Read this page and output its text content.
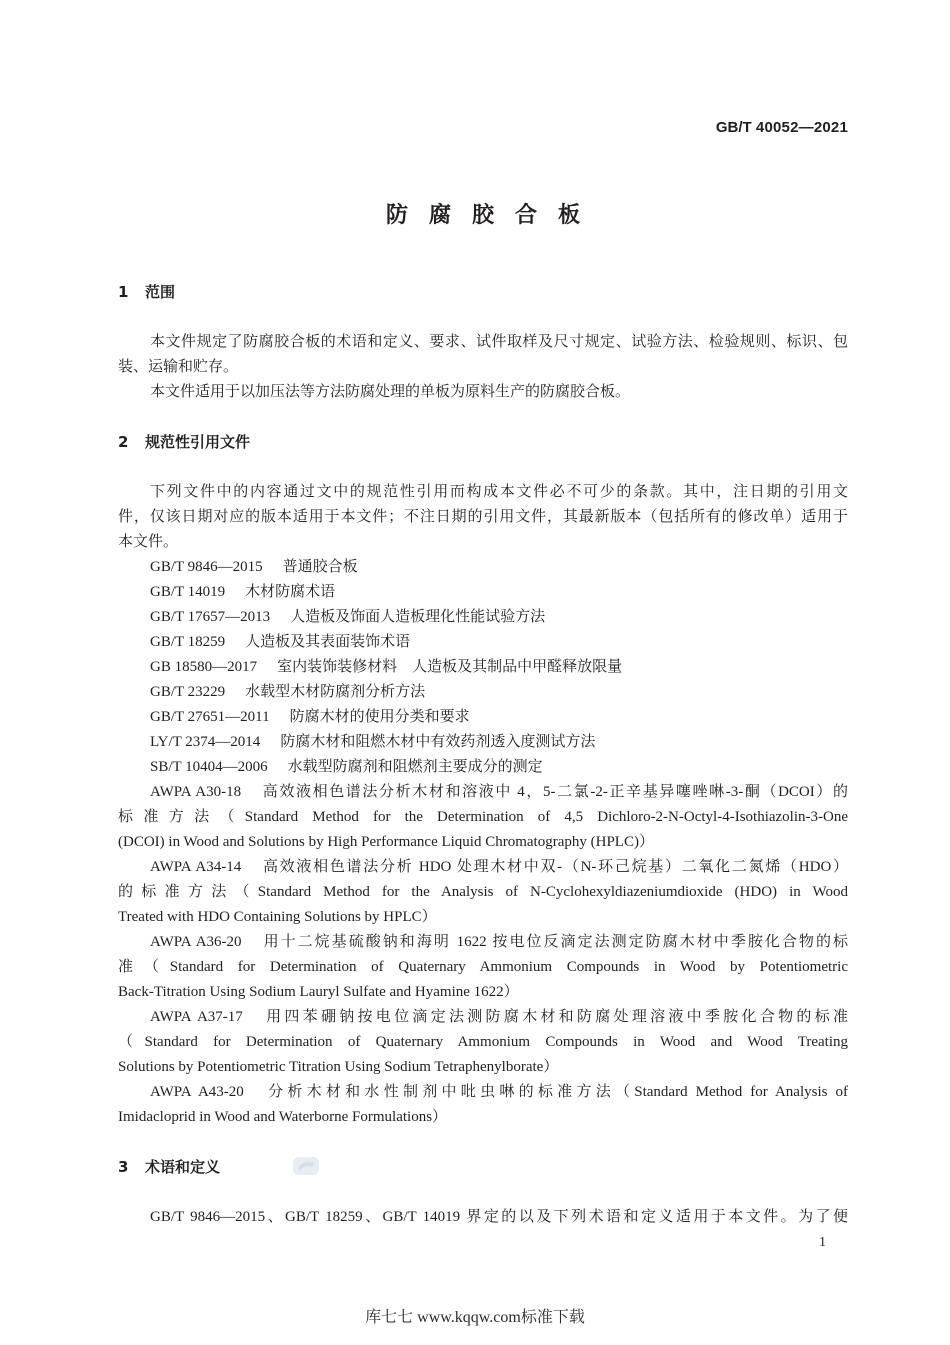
GB/T 40052—2021
防腐胶合板
1 范围
本文件规定了防腐胶合板的术语和定义、要求、试件取样及尺寸规定、试验方法、检验规则、标识、包
装、运输和贮存。
本文件适用于以加压法等方法防腐处理的单板为原料生产的防腐胶合板。
2 规范性引用文件
下列文件中的内容通过文中的规范性引用而构成本文件必不可少的条款。其中，注日期的引用文
件，仅该日期对应的版本适用于本文件；不注日期的引用文件，其最新版本（包括所有的修改单）适用于
本文件。
GB/T 9846—2015 普通胶合板
GB/T 14019 木材防腐术语
GB/T 17657—2013 人造板及饰面人造板理化性能试验方法
GB/T 18259 人造板及其表面装饰术语
GB 18580—2017 室内装饰装修材料　人造板及其制品中甲醛释放限量
GB/T 23229 水载型木材防腐剂分析方法
GB/T 27651—2011 防腐木材的使用分类和要求
LY/T 2374—2014 防腐木材和阻燃木材中有效药剂透入度测试方法
SB/T 10404—2006 水载型防腐剂和阻燃剂主要成分的测定
AWPA A30-18 高效液相色谱法分析木材和溶液中 4，5-二氯-2-正辛基异噻唑啉-3-酮（DCOI）的
标准方法（Standard Method for the Determination of 4,5 Dichloro-2-N-Octyl-4-Isothiazolin-3-One
(DCOI) in Wood and Solutions by High Performance Liquid Chromatography (HPLC)）
AWPA A34-14 高效液相色谱法分析 HDO 处理木材中双-（N-环己烷基）二氧化二氮烯（HDO）
的标准方法（Standard Method for the Analysis of N-Cyclohexyldiazeniumdioxide (HDO) in Wood
Treated with HDO Containing Solutions by HPLC）
AWPA A36-20 用十二烷基硫酸钠和海明 1622 按电位反滴定法测定防腐木材中季胺化合物的标
准（Standard for Determination of Quaternary Ammonium Compounds in Wood by Potentiometric
Back-Titration Using Sodium Lauryl Sulfate and Hyamine 1622）
AWPA A37-17 用四苯硼钠按电位滴定法测防腐木材和防腐处理溶液中季胺化合物的标准
（Standard for Determination of Quaternary Ammonium Compounds in Wood and Wood Treating
Solutions by Potentiometric Titration Using Sodium Tetraphenylborate）
AWPA A43-20 分析木材和水性制剂中吡虫啉的标准方法（Standard Method for Analysis of
Imidacloprid in Wood and Waterborne Formulations）
3 术语和定义
GB/T 9846—2015、GB/T 18259、GB/T 14019 界定的以及下列术语和定义适用于本文件。为了便
1
库七七 www.kqqw.com标准下载
